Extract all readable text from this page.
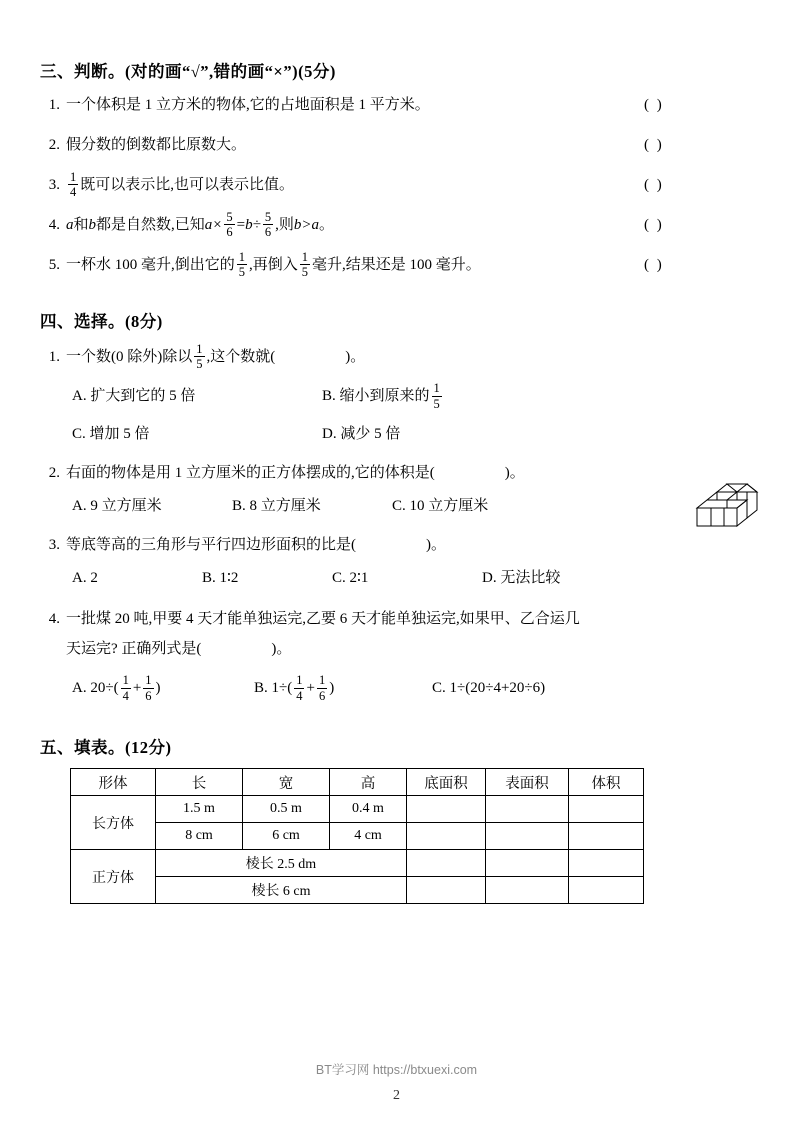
三、判断。(对的画“√”,错的画“×”)(5分)
1. 一个体积是 1 立方米的物体,它的占地面积是 1 平方米。	( )
2. 假分数的倒数都比原数大。	( )
3. $\frac{1}{4}$ 既可以表示比,也可以表示比值。	( )
4. a和b都是自然数,已知$a\times \frac{5}{6} =b\div \frac{5}{6}$ ,则b>a。	( )
5. 一杯水 100 毫升,倒出它的 $\frac{1}{5}$ ,再倒入 $\frac{1}{5}$ 毫升,结果还是 100 毫升。	( )
四、选择。(8分)
1. 一个数(0 除外)除以 $\frac{1}{5}$ ,这个数就(	)。
A. 扩大到它的 5 倍	B. 缩小到原来的 $\frac{1}{5}$
C. 增加 5 倍	D. 减少 5 倍
2. 右面的物体是用 1 立方厘米的正方体摆成的,它的体积是(	)。
A. 9 立方厘米	B. 8 立方厘米	C. 10 立方厘米
3. 等底等高的三角形与平行四边形面积的比是(	)。
A. 2	B. 1∶2	C. 2∶1	D. 无法比较
4. 一批煤 20 吨,甲要 4 天才能单独运完,乙要 6 天才能单独运完,如果甲、乙合运几
天运完? 正确列式是(	)。
A. $20\div( \frac{1}{4} + \frac{1}{6}$ )	B. $1\div( \frac{1}{4} + \frac{1}{6}$ )	C. 1÷(20÷4+20÷6)
五、填表。(12分)
形体	长	宽	高	底面积	表面积	体积
长方体	1.5 m	0.5 m	0.4 m			
	8 cm	6 cm	4 cm			
正方体	棱长 2.5 dm					
	棱长 6 cm					
BT学习网 https://btxuexi.com
2
